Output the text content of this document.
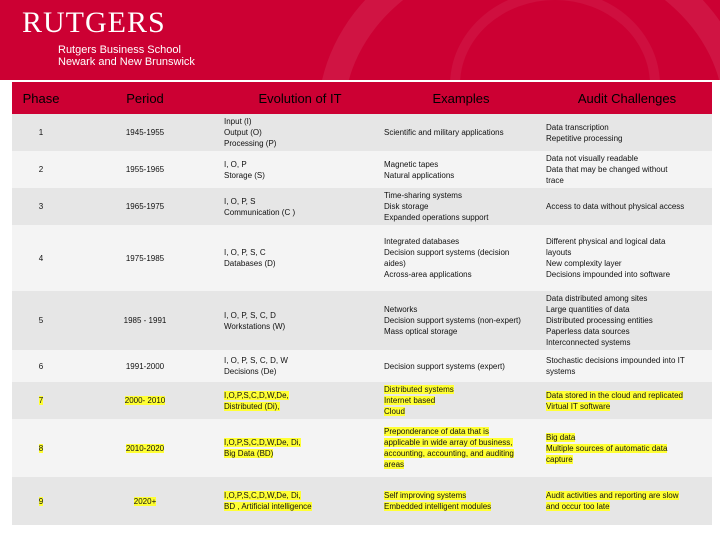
RUTGERS
Rutgers Business School
Newark and New Brunswick
Phase	Period	Evolution of IT	Examples	Audit Challenges
1	1945-1955	Input (I)
Output (O)
Processing (P)	Scientific and military applications	Data transcription
Repetitive processing

2	1955-1965	I, O, P
Storage (S)	Magnetic tapes
Natural applications	Data not visually readable
Data that may be changed without
trace

3	1965-1975	I, O, P, S
Communication (C )	Time-sharing systems
Disk storage
Expanded operations support	Access to data without physical access

4	1975-1985	I, O, P, S, C
Databases (D)	Integrated databases
Decision support systems (decision
aides)
Across-area applications	Different physical and logical data
layouts
New complexity layer
Decisions impounded into software

5	1985 - 1991	I, O, P, S, C, D
Workstations (W)	Networks
Decision support systems (non-expert)
Mass optical storage	Data distributed among sites
Large quantities of data
Distributed processing entities
Paperless data sources
Interconnected systems

6	1991-2000	I, O, P, S, C, D, W
Decisions (De)	Decision support systems (expert)	Stochastic decisions impounded into IT
systems

7	2000- 2010	I,O,P,S,C,D,W,De,
Distributed (Di),	Distributed systems
Internet based
Cloud	Data stored in the cloud and replicated
Virtual IT software

8	2010-2020	I,O,P,S,C,D,W,De, Di,
Big Data (BD)	Preponderance of data that is
applicable in wide array of business,
accounting, accounting, and auditing
areas	Big data
Multiple sources of automatic data
capture

9	2020+	I,O,P,S,C,D,W,De, Di,
BD , Artificial intelligence	Self improving systems
Embedded intelligent modules	Audit activities and reporting are slow
and occur too late
